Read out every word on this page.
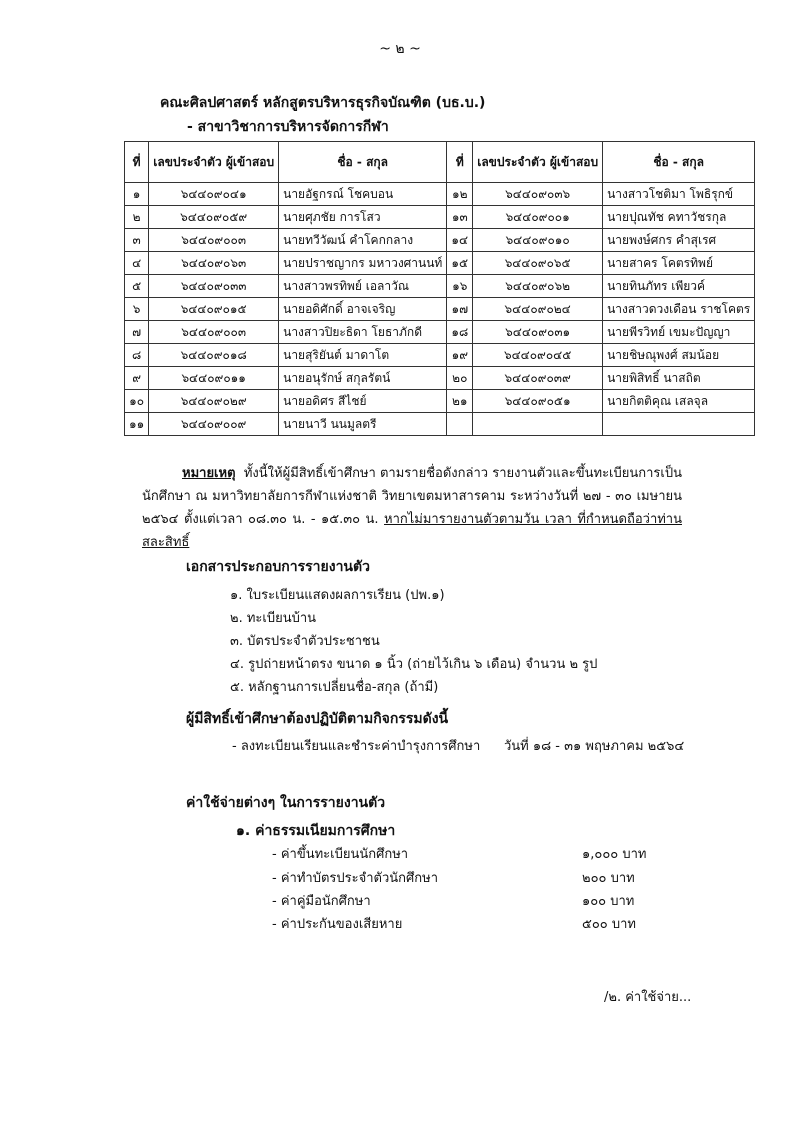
~ ๒ ~
คณะศิลปศาสตร์ หลักสูตรบริหารธุรกิจบัณฑิต (บธ.บ.)
- สาขาวิชาการบริหารจัดการกีฬา
ที่	เลขประจำตัว ผู้เข้าสอบ	ชื่อ - สกุล	ที่	เลขประจำตัว ผู้เข้าสอบ	ชื่อ - สกุล
๑	๖๔๔๐๙๐๔๑	นายอัฐกรณ์ โชคบอน	๑๒	๖๔๔๐๙๐๓๖	นางสาวโชติมา โพธิรุกข์
๒	๖๔๔๐๙๐๕๙	นายศุภชัย การโสว	๑๓	๖๔๔๐๙๐๐๑	นายปุณทัช คทาวัชรกุล
๓	๖๔๔๐๙๐๐๓	นายทวีวัฒน์ คำโคกกลาง	๑๔	๖๔๔๐๙๐๑๐	นายพงษ์ศกร คำสุเรศ
๔	๖๔๔๐๙๐๖๓	นายปราชญากร มหาวงศานนท์	๑๕	๖๔๔๐๙๐๖๕	นายสาคร โคตรทิพย์
๕	๖๔๔๐๙๐๓๓	นางสาวพรทิพย์ เอลาวัณ	๑๖	๖๔๔๐๙๐๖๒	นายทินภัทร เพียวค์
๖	๖๔๔๐๙๐๑๕	นายอดิศักดิ์ อาจเจริญ	๑๗	๖๔๔๐๙๐๒๔	นางสาวดวงเดือน ราชโคตร
๗	๖๔๔๐๙๐๐๓	นางสาวปิยะธิดา โยธาภักดี	๑๘	๖๔๔๐๙๐๓๑	นายพีรวิทย์ เขมะปัญญา
๘	๖๔๔๐๙๐๑๘	นายสุริยันต์ มาดาโต	๑๙	๖๔๔๐๙๐๔๕	นายชิษณุพงศ์ สมน้อย
๙	๖๔๔๐๙๐๑๑	นายอนุรักษ์ สกุลรัตน์	๒๐	๖๔๔๐๙๐๓๙	นายพิสิทธิ์ นาสถิต
๑๐	๖๔๔๐๙๐๒๙	นายอดิศร สีไชย์	๒๑	๖๔๔๐๙๐๕๑	นายกิตติคุณ เสลจุล
๑๑	๖๔๔๐๙๐๐๙	นายนาวี นนมูลตรี			
หมายเหตุ ทั้งนี้ให้ผู้มีสิทธิ์เข้าศึกษา ตามรายชื่อดังกล่าว รายงานตัวและขึ้นทะเบียนการเป็นนักศึกษา ณ มหาวิทยาลัยการกีฬาแห่งชาติ วิทยาเขตมหาสารคาม ระหว่างวันที่ ๒๗ - ๓๐ เมษายน ๒๕๖๔ ตั้งแต่เวลา ๐๘.๓๐ น. - ๑๕.๓๐ น. หากไม่มารายงานตัวตามวัน เวลา ที่กำหนดถือว่าท่านสละสิทธิ์
เอกสารประกอบการรายงานตัว
๑. ใบระเบียนแสดงผลการเรียน (ปพ.๑)
๒. ทะเบียนบ้าน
๓. บัตรประจำตัวประชาชน
๔. รูปถ่ายหน้าตรง ขนาด ๑ นิ้ว (ถ่ายไว้เกิน ๖ เดือน) จำนวน ๒ รูป
๕. หลักฐานการเปลี่ยนชื่อ-สกุล (ถ้ามี)
ผู้มีสิทธิ์เข้าศึกษาต้องปฏิบัติตามกิจกรรมดังนี้
- ลงทะเบียนเรียนและชำระค่าบำรุงการศึกษา วันที่ ๑๘ - ๓๑ พฤษภาคม ๒๕๖๔
ค่าใช้จ่ายต่างๆ ในการรายงานตัว
๑. ค่าธรรมเนียมการศึกษา
- ค่าขึ้นทะเบียนนักศึกษา	๑,๐๐๐ บาท
- ค่าทำบัตรประจำตัวนักศึกษา	๒๐๐ บาท
- ค่าคู่มือนักศึกษา	๑๐๐ บาท
- ค่าประกันของเสียหาย	๕๐๐ บาท
/๒. ค่าใช้จ่าย...
